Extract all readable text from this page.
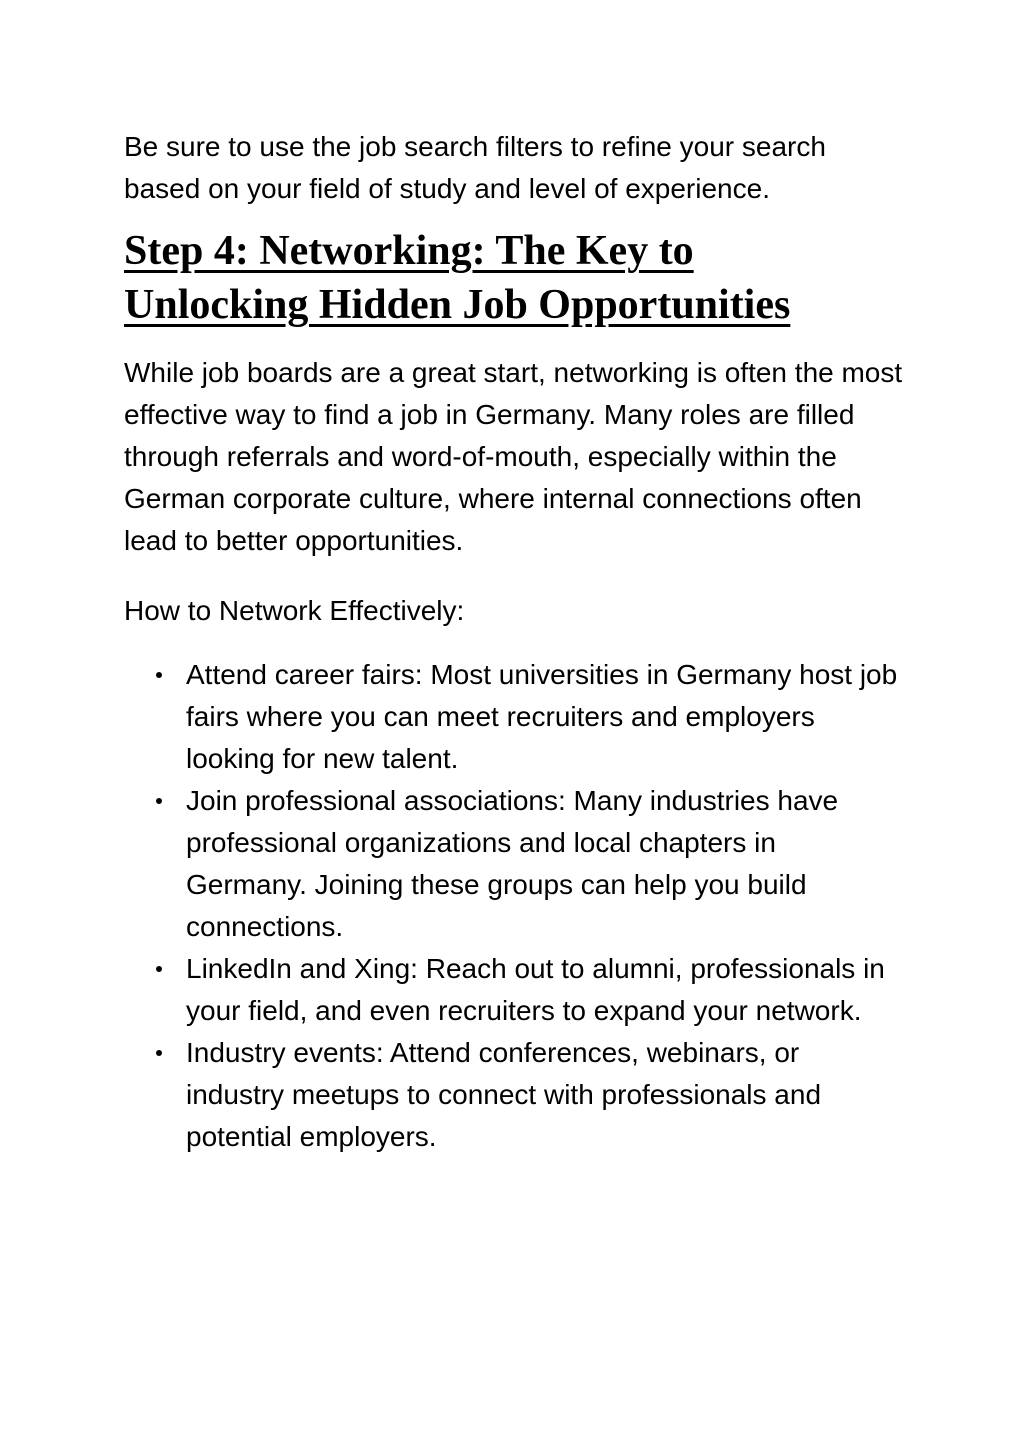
Be sure to use the job search filters to refine your search based on your field of study and level of experience.

Step 4: Networking: The Key to
Unlocking Hidden Job Opportunities

While job boards are a great start, networking is often the most effective way to find a job in Germany. Many roles are filled through referrals and word-of-mouth, especially within the German corporate culture, where internal connections often lead to better opportunities.

How to Network Effectively:

Attend career fairs: Most universities in Germany host job fairs where you can meet recruiters and employers looking for new talent.
Join professional associations: Many industries have professional organizations and local chapters in Germany. Joining these groups can help you build connections.
LinkedIn and Xing: Reach out to alumni, professionals in your field, and even recruiters to expand your network.
Industry events: Attend conferences, webinars, or industry meetups to connect with professionals and potential employers.
